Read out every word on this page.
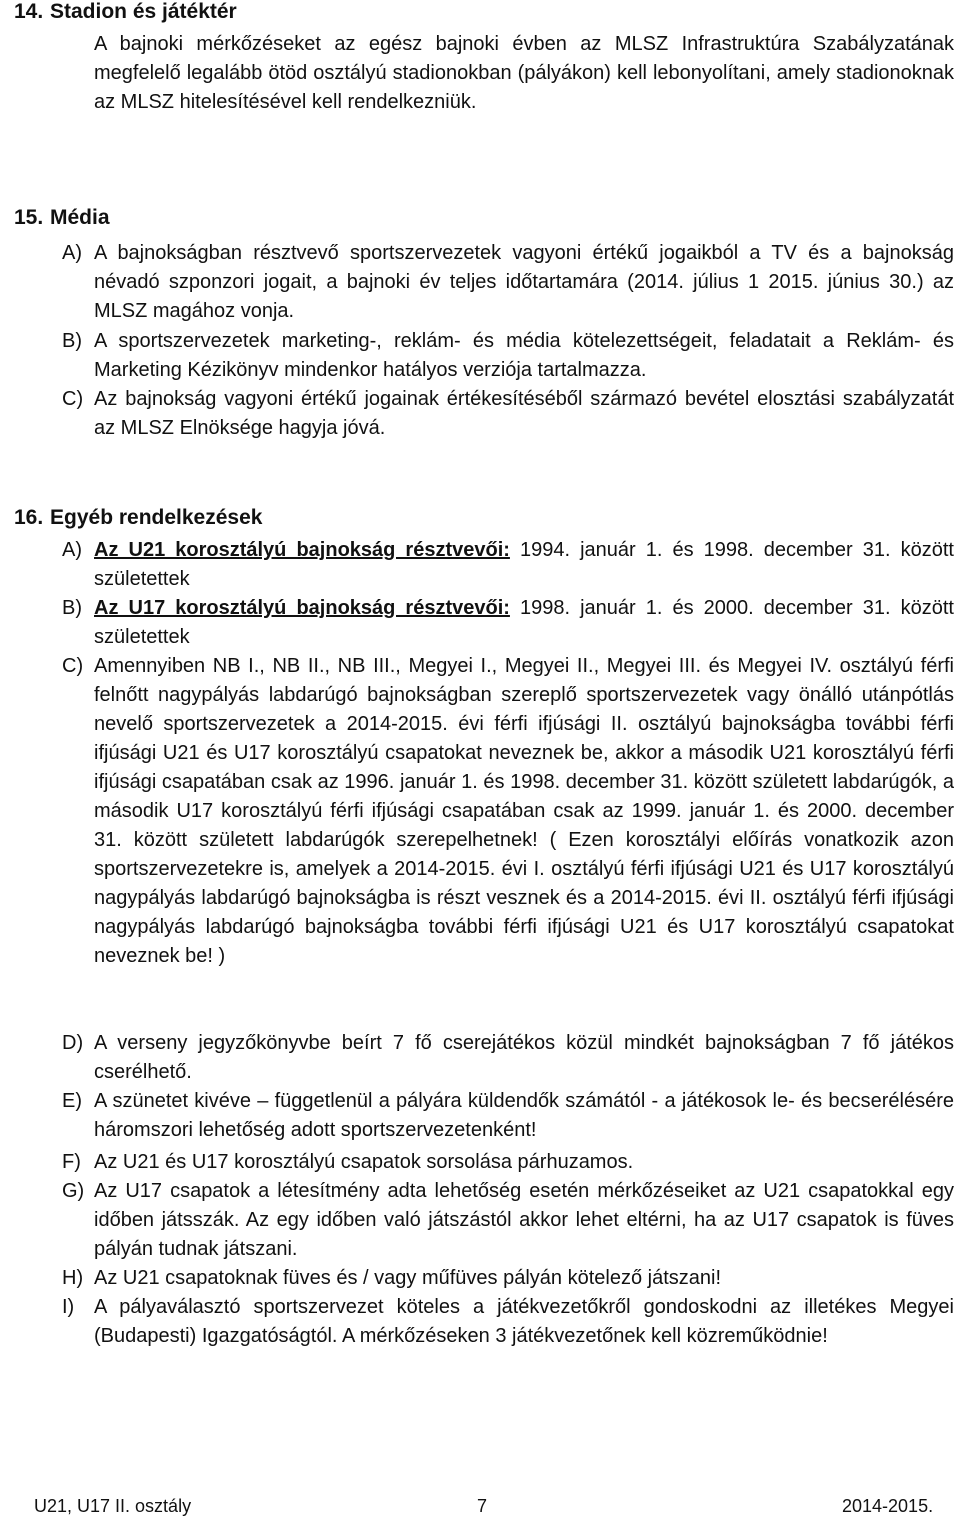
14. Stadion és játéktér
A bajnoki mérkőzéseket az egész bajnoki évben az MLSZ Infrastruktúra Szabályzatának megfelelő legalább ötöd osztályú stadionokban (pályákon) kell lebonyolítani, amely stadionoknak az MLSZ hitelesítésével kell rendelkezniük.
15. Média
A) A bajnokságban résztvevő sportszervezetek vagyoni értékű jogaikból a TV és a bajnokság névadó szponzori jogait, a bajnoki év teljes időtartamára (2014. július 1 2015. június 30.) az MLSZ magához vonja.
B) A sportszervezetek marketing-, reklám- és média kötelezettségeit, feladatait a Reklám- és Marketing Kézikönyv mindenkor hatályos verziója tartalmazza.
C) Az bajnokság vagyoni értékű jogainak értékesítéséből származó bevétel elosztási szabályzatát az MLSZ Elnöksége hagyja jóvá.
16. Egyéb rendelkezések
A) Az U21 korosztályú bajnokság résztvevői: 1994. január 1. és 1998. december 31. között születettek
B) Az U17 korosztályú bajnokság résztvevői: 1998. január 1. és 2000. december 31. között születettek
C) Amennyiben NB I., NB II., NB III., Megyei I., Megyei II., Megyei III. és Megyei IV. osztályú férfi felnőtt nagypályás labdarúgó bajnokságban szereplő sportszervezetek vagy önálló utánpótlás nevelő sportszervezetek a 2014-2015. évi férfi ifjúsági II. osztályú bajnokságba további férfi ifjúsági U21 és U17 korosztályú csapatokat neveznek be, akkor a második U21 korosztályú férfi ifjúsági csapatában csak az 1996. január 1. és 1998. december 31. között született labdarúgók, a második U17 korosztályú férfi ifjúsági csapatában csak az 1999. január 1. és 2000. december 31. között született labdarúgók szerepelhetnek! ( Ezen korosztályi előírás vonatkozik azon sportszervezetekre is, amelyek a 2014-2015. évi I. osztályú férfi ifjúsági U21 és U17 korosztályú nagypályás labdarúgó bajnokságba is részt vesznek és a 2014-2015. évi II. osztályú férfi ifjúsági nagypályás labdarúgó bajnokságba további férfi ifjúsági U21 és U17 korosztályú csapatokat neveznek be! )
D) A verseny jegyzőkönyvbe beírt 7 fő cserejátékos közül mindkét bajnokságban 7 fő játékos cserélhető.
E) A szünetet kivéve – függetlenül a pályára küldendők számától - a játékosok le- és becserélésére háromszori lehetőség adott sportszervezetenként!
F) Az U21 és U17 korosztályú csapatok sorsolása párhuzamos.
G) Az U17 csapatok a létesítmény adta lehetőség esetén mérkőzéseiket az U21 csapatokkal egy időben játsszák. Az egy időben való játszástól akkor lehet eltérni, ha az U17 csapatok is füves pályán tudnak játszani.
H) Az U21 csapatoknak füves és / vagy műfüves pályán kötelező játszani!
I) A pályaválasztó sportszervezet köteles a játékvezetőkről gondoskodni az illetékes Megyei (Budapesti) Igazgatóságtól. A mérkőzéseken 3 játékvezetőnek kell közreműködnie!
U21, U17 II. osztály	7	2014-2015.
